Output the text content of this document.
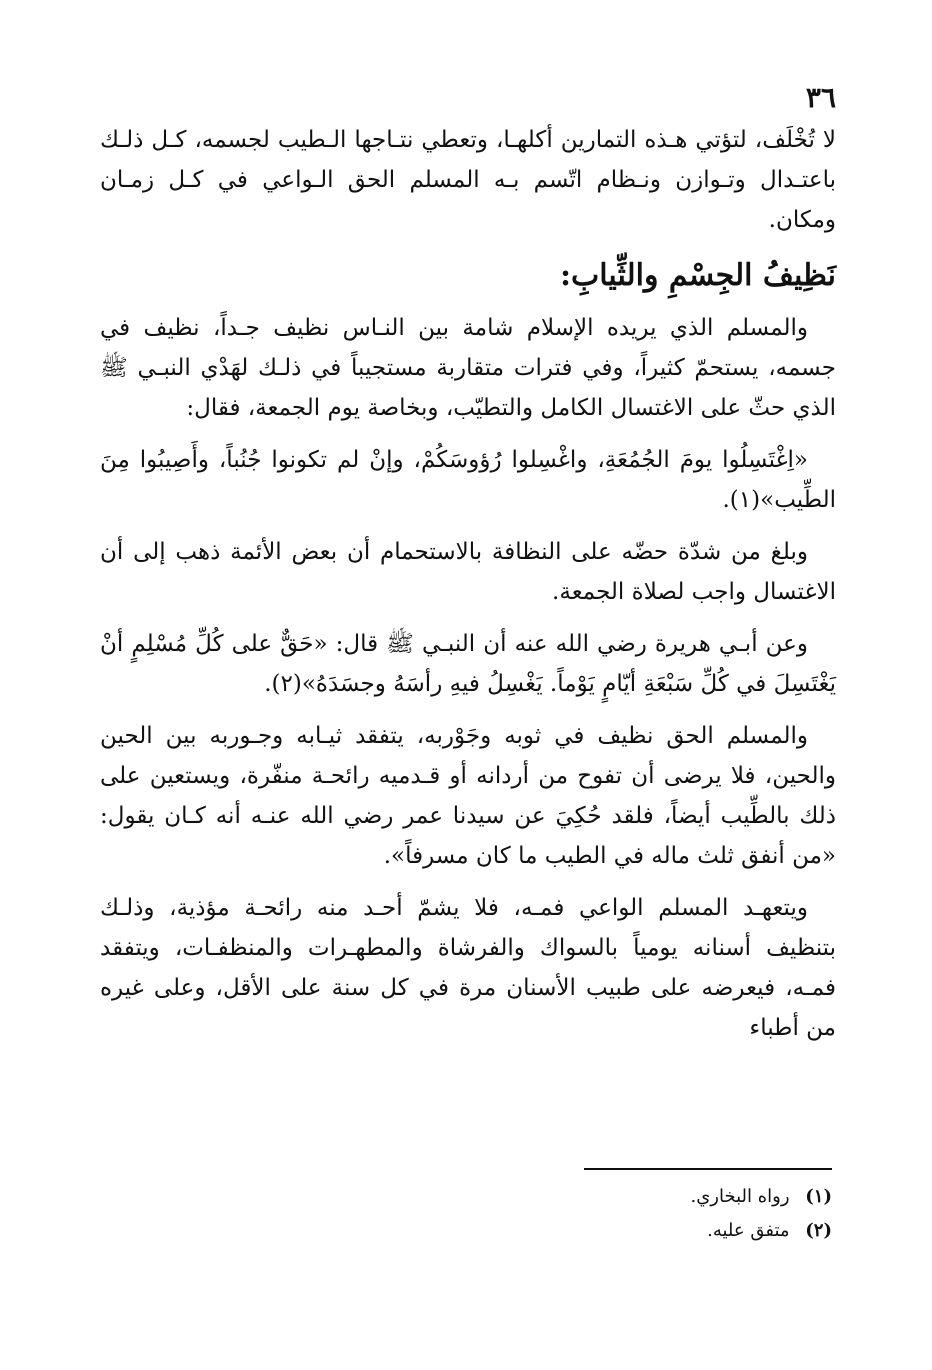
٣٦

لا تُخْلَف، لتؤتي هـذه التمارين أكلهـا، وتعطي نتـاجها الـطيب لجسمه، كـل ذلـك باعتـدال وتـوازن ونـظام اتّسم بـه المسلم الحق الـواعي في كـل زمـان ومكان.

نَظِيفُ الجِسْمِ والثِّيابِ:

والمسلم الذي يريده الإسلام شامة بين النـاس نظيف جـداً، نظيف في جسمه، يستحمّ كثيراً، وفي فترات متقاربة مستجيباً في ذلـك لهَدْي النبـي ﷺ الذي حثّ على الاغتسال الكامل والتطيّب، وبخاصة يوم الجمعة، فقال:

«اِغْتَسِلُوا يومَ الجُمُعَةِ، واغْسِلوا رُؤوسَكُمْ، وإنْ لم تكونوا جُنُباً، وأَصِيبُوا مِنَ الطِّيب»(١).

وبلغ من شدّة حضّه على النظافة بالاستحمام أن بعض الأئمة ذهب إلى أن الاغتسال واجب لصلاة الجمعة.

وعن أبـي هريرة رضي الله عنه أن النبـي ﷺ قال: «حَقٌّ على كُلِّ مُسْلِمٍ أنْ يَغْتَسِلَ في كُلِّ سَبْعَةِ أيّامٍ يَوْماً. يَغْسِلُ فيهِ رأسَهُ وجسَدَهُ»(٢).

والمسلم الحق نظيف في ثوبه وجَوْربه، يتفقد ثيـابه وجـوربه بين الحين والحين، فلا يرضى أن تفوح من أردانه أو قـدميه رائحـة منفّرة، ويستعين على ذلك بالطِّيب أيضاً، فلقد حُكِيَ عن سيدنا عمر رضي الله عنـه أنه كـان يقول: «من أنفق ثلث ماله في الطيب ما كان مسرفاً».

ويتعهـد المسلم الواعي فمـه، فلا يشمّ أحـد منه رائحـة مؤذية، وذلـك بتنظيف أسنانه يومياً بالسواك والفرشاة والمطهـرات والمنظفـات، ويتفقد فمـه، فيعرضه على طبيب الأسنان مرة في كل سنة على الأقل، وعلى غيره من أطباء

(١) رواه البخاري.

(٢) متفق عليه.
